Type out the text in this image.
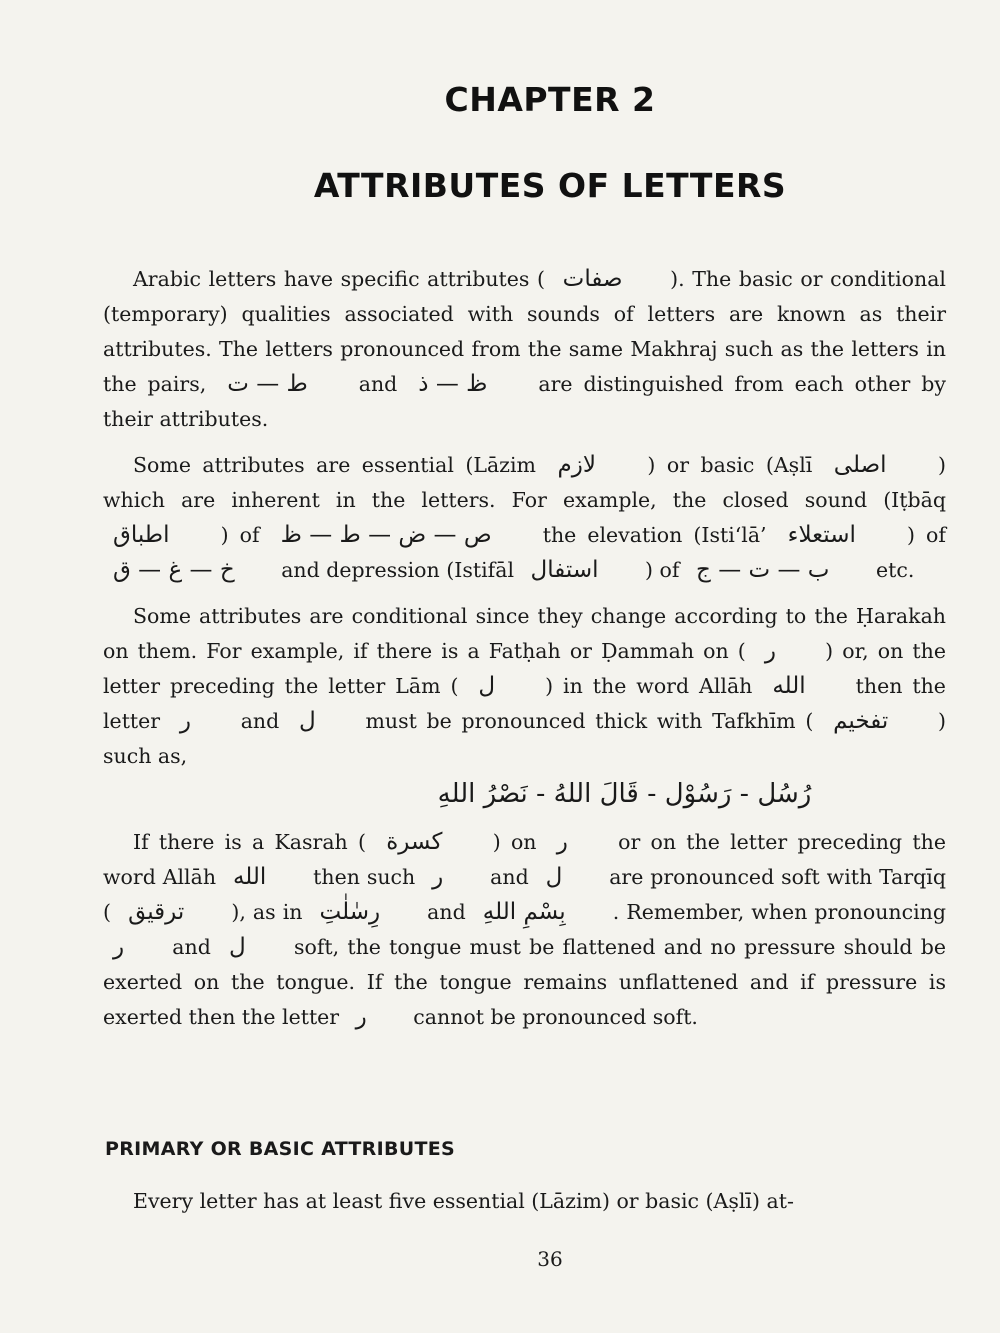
CHAPTER 2
ATTRIBUTES OF LETTERS

Arabic letters have specific attributes ( صفات ). The basic or conditional (temporary) qualities associated with sounds of letters are known as their attributes. The letters pronounced from the same Makhraj such as the letters in the pairs, ط — ت and ظ — ذ are distinguished from each other by their attributes.

Some attributes are essential (Lāzim لازم	) or basic (Aṣlī اصلی	) which are inherent in the letters. For example, the closed sound (Iṭbāq اطباق ) of ص — ض — ط — ظ the elevation (Isti‘lā’ استعلاء ) of خ — غ — ق and depression (Istifāl استفال ) of ب — ت — ج etc.

Some attributes are conditional since they change according to the Ḥarakah on them. For example, if there is a Fatḥah or Ḍammah on ( ر ) or, on the letter preceding the letter Lām ( ل ) in the word Allāh الله then the letter ر and ل must be pronounced thick with Tafkhīm ( تفخيم ) such as,

رُسُل - رَسُوْل - قَالَ اللهُ - نَصْرُ اللهِ

If there is a Kasrah ( كسرة ) on ر or on the letter preceding the word Allāh الله then such ر and ل are pronounced soft with Tarqīq ( ترقيق ), as in رِسٰلٰتِ and بِسْمِ اللهِ . Remember, when pronouncing ر and ل soft, the tongue must be flattened and no pressure should be exerted on the tongue. If the tongue remains unflattened and if pressure is exerted then the letter ر cannot be pronounced soft.

PRIMARY OR BASIC ATTRIBUTES
Every letter has at least five essential (Lāzim) or basic (Aṣlī) at-
36
